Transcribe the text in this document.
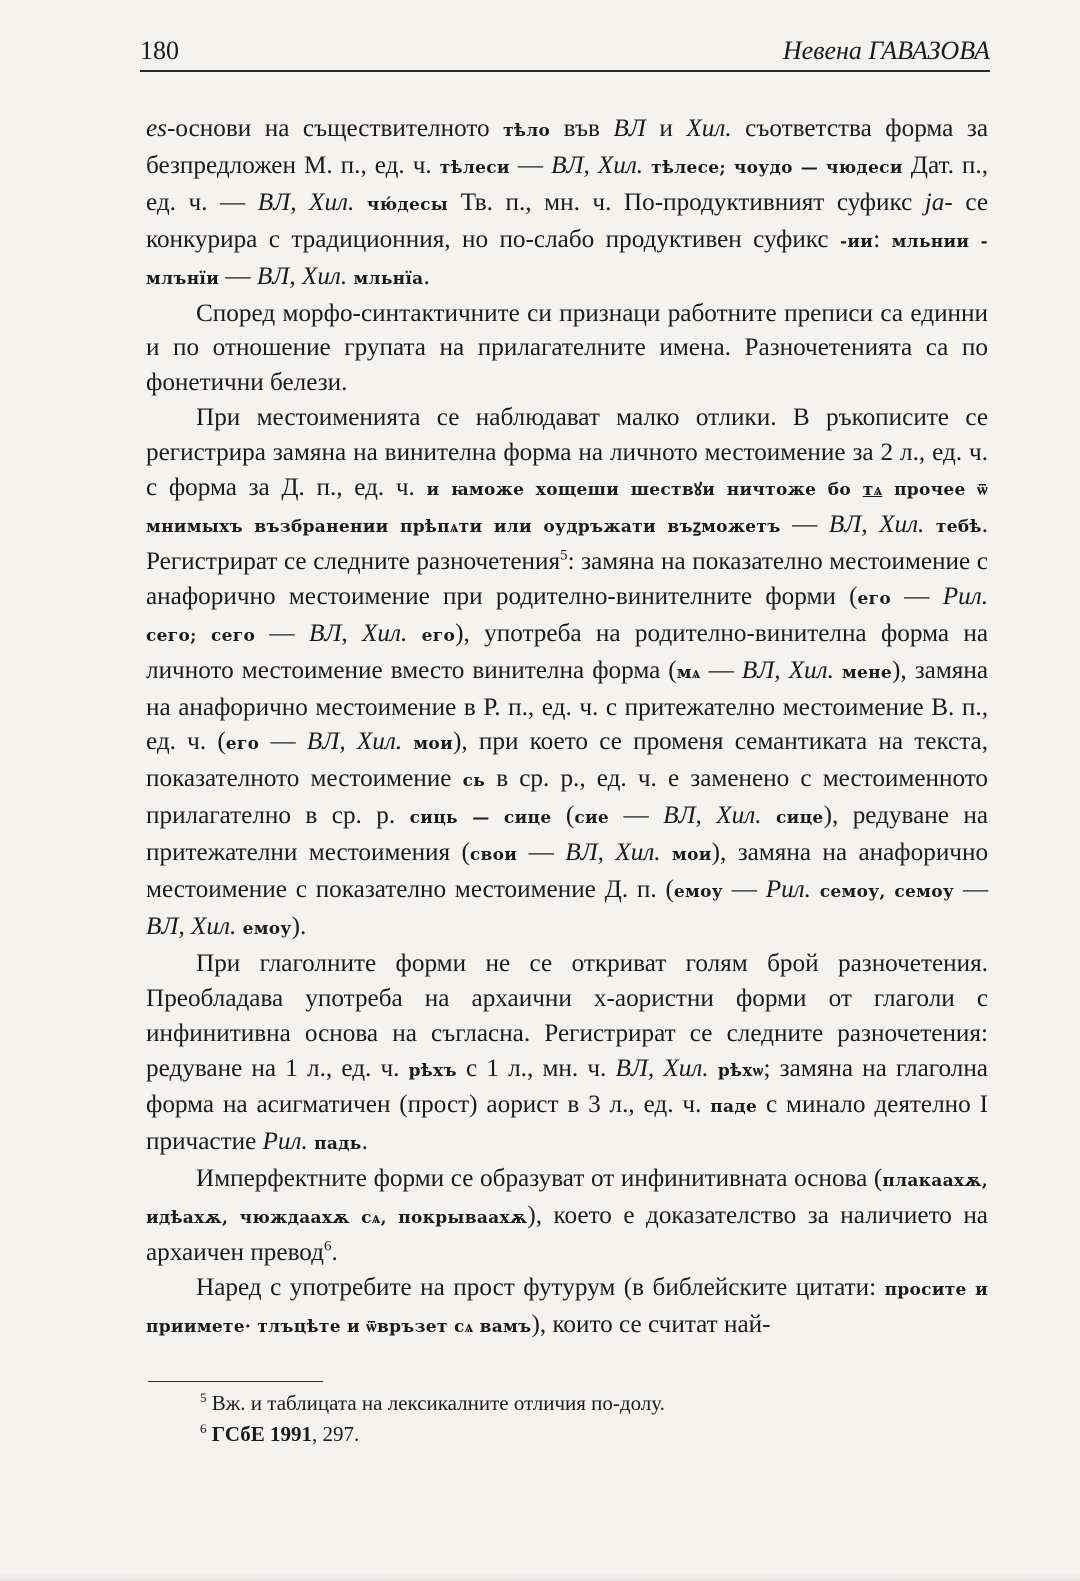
180	Невена ГАВАЗОВА

es-основи на съществителното тѣло във ВЛ и Хил. съответства форма за безпредложен М. п., ед. ч. тѣлеси — ВЛ, Хил. тѣлесе; чоудо — чюдеси Дат. п., ед. ч. — ВЛ, Хил. чю́десы Тв. п., мн. ч. По-продуктивният суфикс ja- се конкурира с традиционния, но по-слабо продуктивен суфикс -ии: мльнии - млънїи — ВЛ, Хил. мльнїа.

Според морфо-синтактичните си признаци работните преписи са единни и по отношение групата на прилагателните имена. Разночетенията са по фонетични белези.

При местоименията се наблюдават малко отлики. В ръкописите се регистрира замяна на винителна форма на личното местоимение за 2 л., ед. ч. с форма за Д. п., ед. ч. и ꙗможе хощеши шествꙋи ничтоже бо тѧ прочее ѿ мнимыхъ възбранении прѣпѧти или оудръжати въꙁможетъ — ВЛ, Хил. тебѣ. Регистрират се следните разночетения$^5$: замяна на показателно местоимение с анафорично местоимение при родително-винителните форми (его — Рил. сего; сего — ВЛ, Хил. его), употреба на родително-винителна форма на личното местоимение вместо винителна форма (мѧ — ВЛ, Хил. мене), замяна на анафорично местоимение в Р. п., ед. ч. с притежателно местоимение В. п., ед. ч. (его — ВЛ, Хил. мои), при което се променя семантиката на текста, показателното местоимение сь в ср. р., ед. ч. е заменено с местоименното прилагателно в ср. р. сиць — сице (сие — ВЛ, Хил. сице), редуване на притежателни местоимения (свои — ВЛ, Хил. мои), замяна на анафорично местоимение с показателно местоимение Д. п. (емоу — Рил. семоу, семоу — ВЛ, Хил. емоу).

При глаголните форми не се откриват голям брой разночетения. Преобладава употреба на архаични х-аористни форми от глаголи с инфинитивна основа на съгласна. Регистрират се следните разночетения: редуване на 1 л., ед. ч. рѣхъ с 1 л., мн. ч. ВЛ, Хил. рѣхѡ; замяна на глаголна форма на асигматичен (прост) аорист в 3 л., ед. ч. паде с минало деятелно I причастие Рил. падь.

Имперфектните форми се образуват от инфинитивната основа (плакаахѫ, идѣахѫ, чюждаахѫ сѧ, покрываахѫ), което е доказателство за наличието на архаичен превод$^6$.

Наред с употребите на прост футурум (в библейските цитати: просите и приимете· тлъцѣте и ѿвръзет сѧ вамъ), които се считат най-

$^5$ Вж. и таблицата на лексикалните отличия по-долу.

$^6$ ГСбЕ 1991, 297.
